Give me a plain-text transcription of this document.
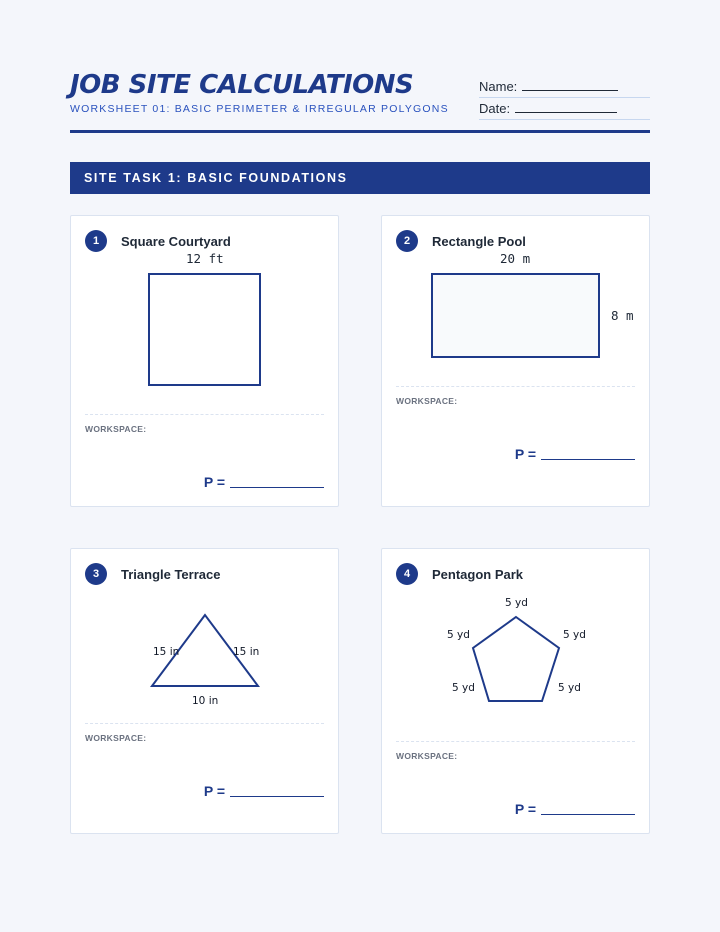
JOB SITE CALCULATIONS
WORKSHEET 01: BASIC PERIMETER & IRREGULAR POLYGONS
Name:
Date:
SITE TASK 1: BASIC FOUNDATIONS
1	Square Courtyard
12 ft
WORKSPACE:
P =
2	Rectangle Pool
20 m
8 m
WORKSPACE:
P =
3	Triangle Terrace
15 in	15 in
10 in
WORKSPACE:
P =
4	Pentagon Park
5 yd
5 yd	5 yd
5 yd	5 yd
WORKSPACE:
P =
